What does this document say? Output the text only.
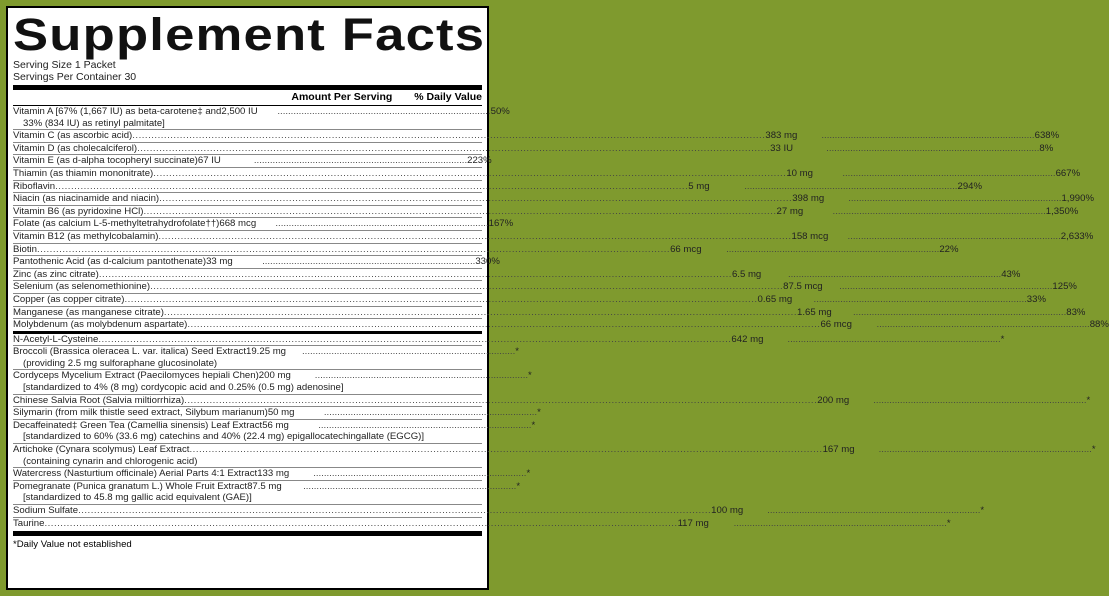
Supplement Facts
Serving Size 1 Packet
Servings Per Container 30
Amount Per Serving % Daily Value
Vitamin A [67% (1,667 IU) as beta-carotene‡ and 2,500 IU .....	50%
33% (834 IU) as retinyl palmitate]
Vitamin C (as ascorbic acid) .....	383 mg .....	638%
Vitamin D (as cholecalciferol) .....	33 IU .....	8%
Vitamin E (as d-alpha tocopheryl succinate) 67 IU .....	223%
Thiamin (as thiamin mononitrate) .....	10 mg .....	667%
Riboflavin .....	5 mg .....	294%
Niacin (as niacinamide and niacin) .....	398 mg .....	1,990%
Vitamin B6 (as pyridoxine HCl) .....	27 mg .....	1,350%
Folate (as calcium L-5-methyltetrahydrofolate††) 668 mcg .....	167%
Vitamin B12 (as methylcobalamin) .....	158 mcg .....	2,633%
Biotin .....	66 mcg .....	22%
Pantothenic Acid (as d-calcium pantothenate) 33 mg .....	330%
Zinc (as zinc citrate) .....	6.5 mg .....	43%
Selenium (as selenomethionine) .....	87.5 mcg .....	125%
Copper (as copper citrate) .....	0.65 mg .....	33%
Manganese (as manganese citrate) .....	1.65 mg .....	83%
Molybdenum (as molybdenum aspartate) .....	66 mcg .....	88%
N-Acetyl-L-Cysteine .....	642 mg .....	*
Broccoli (Brassica oleracea L. var. italica) Seed Extract 19.25 mg .....	*
(providing 2.5 mg sulforaphane glucosinolate)
Cordyceps Mycelium Extract (Paecilomyces hepiali Chen) 200 mg .....	*
[standardized to 4% (8 mg) cordycopic acid and 0.25% (0.5 mg) adenosine]
Chinese Salvia Root (Salvia miltiorrhiza) .....	200 mg .....	*
Silymarin (from milk thistle seed extract, Silybum marianum) 50 mg .....	*
Decaffeinated‡ Green Tea (Camellia sinensis) Leaf Extract 56 mg .....	*
[standardized to 60% (33.6 mg) catechins and 40% (22.4 mg) epigallocatechingallate (EGCG)]
Artichoke (Cynara scolymus) Leaf Extract .....	167 mg .....	*
(containing cynarin and chlorogenic acid)
Watercress (Nasturtium officinale) Aerial Parts 4:1 Extract 133 mg .....	*
Pomegranate (Punica granatum L.) Whole Fruit Extract 87.5 mg .....	*
[standardized to 45.8 mg gallic acid equivalent (GAE)]
Sodium Sulfate .....	100 mg .....	*
Taurine .....	117 mg .....	*
*Daily Value not established
